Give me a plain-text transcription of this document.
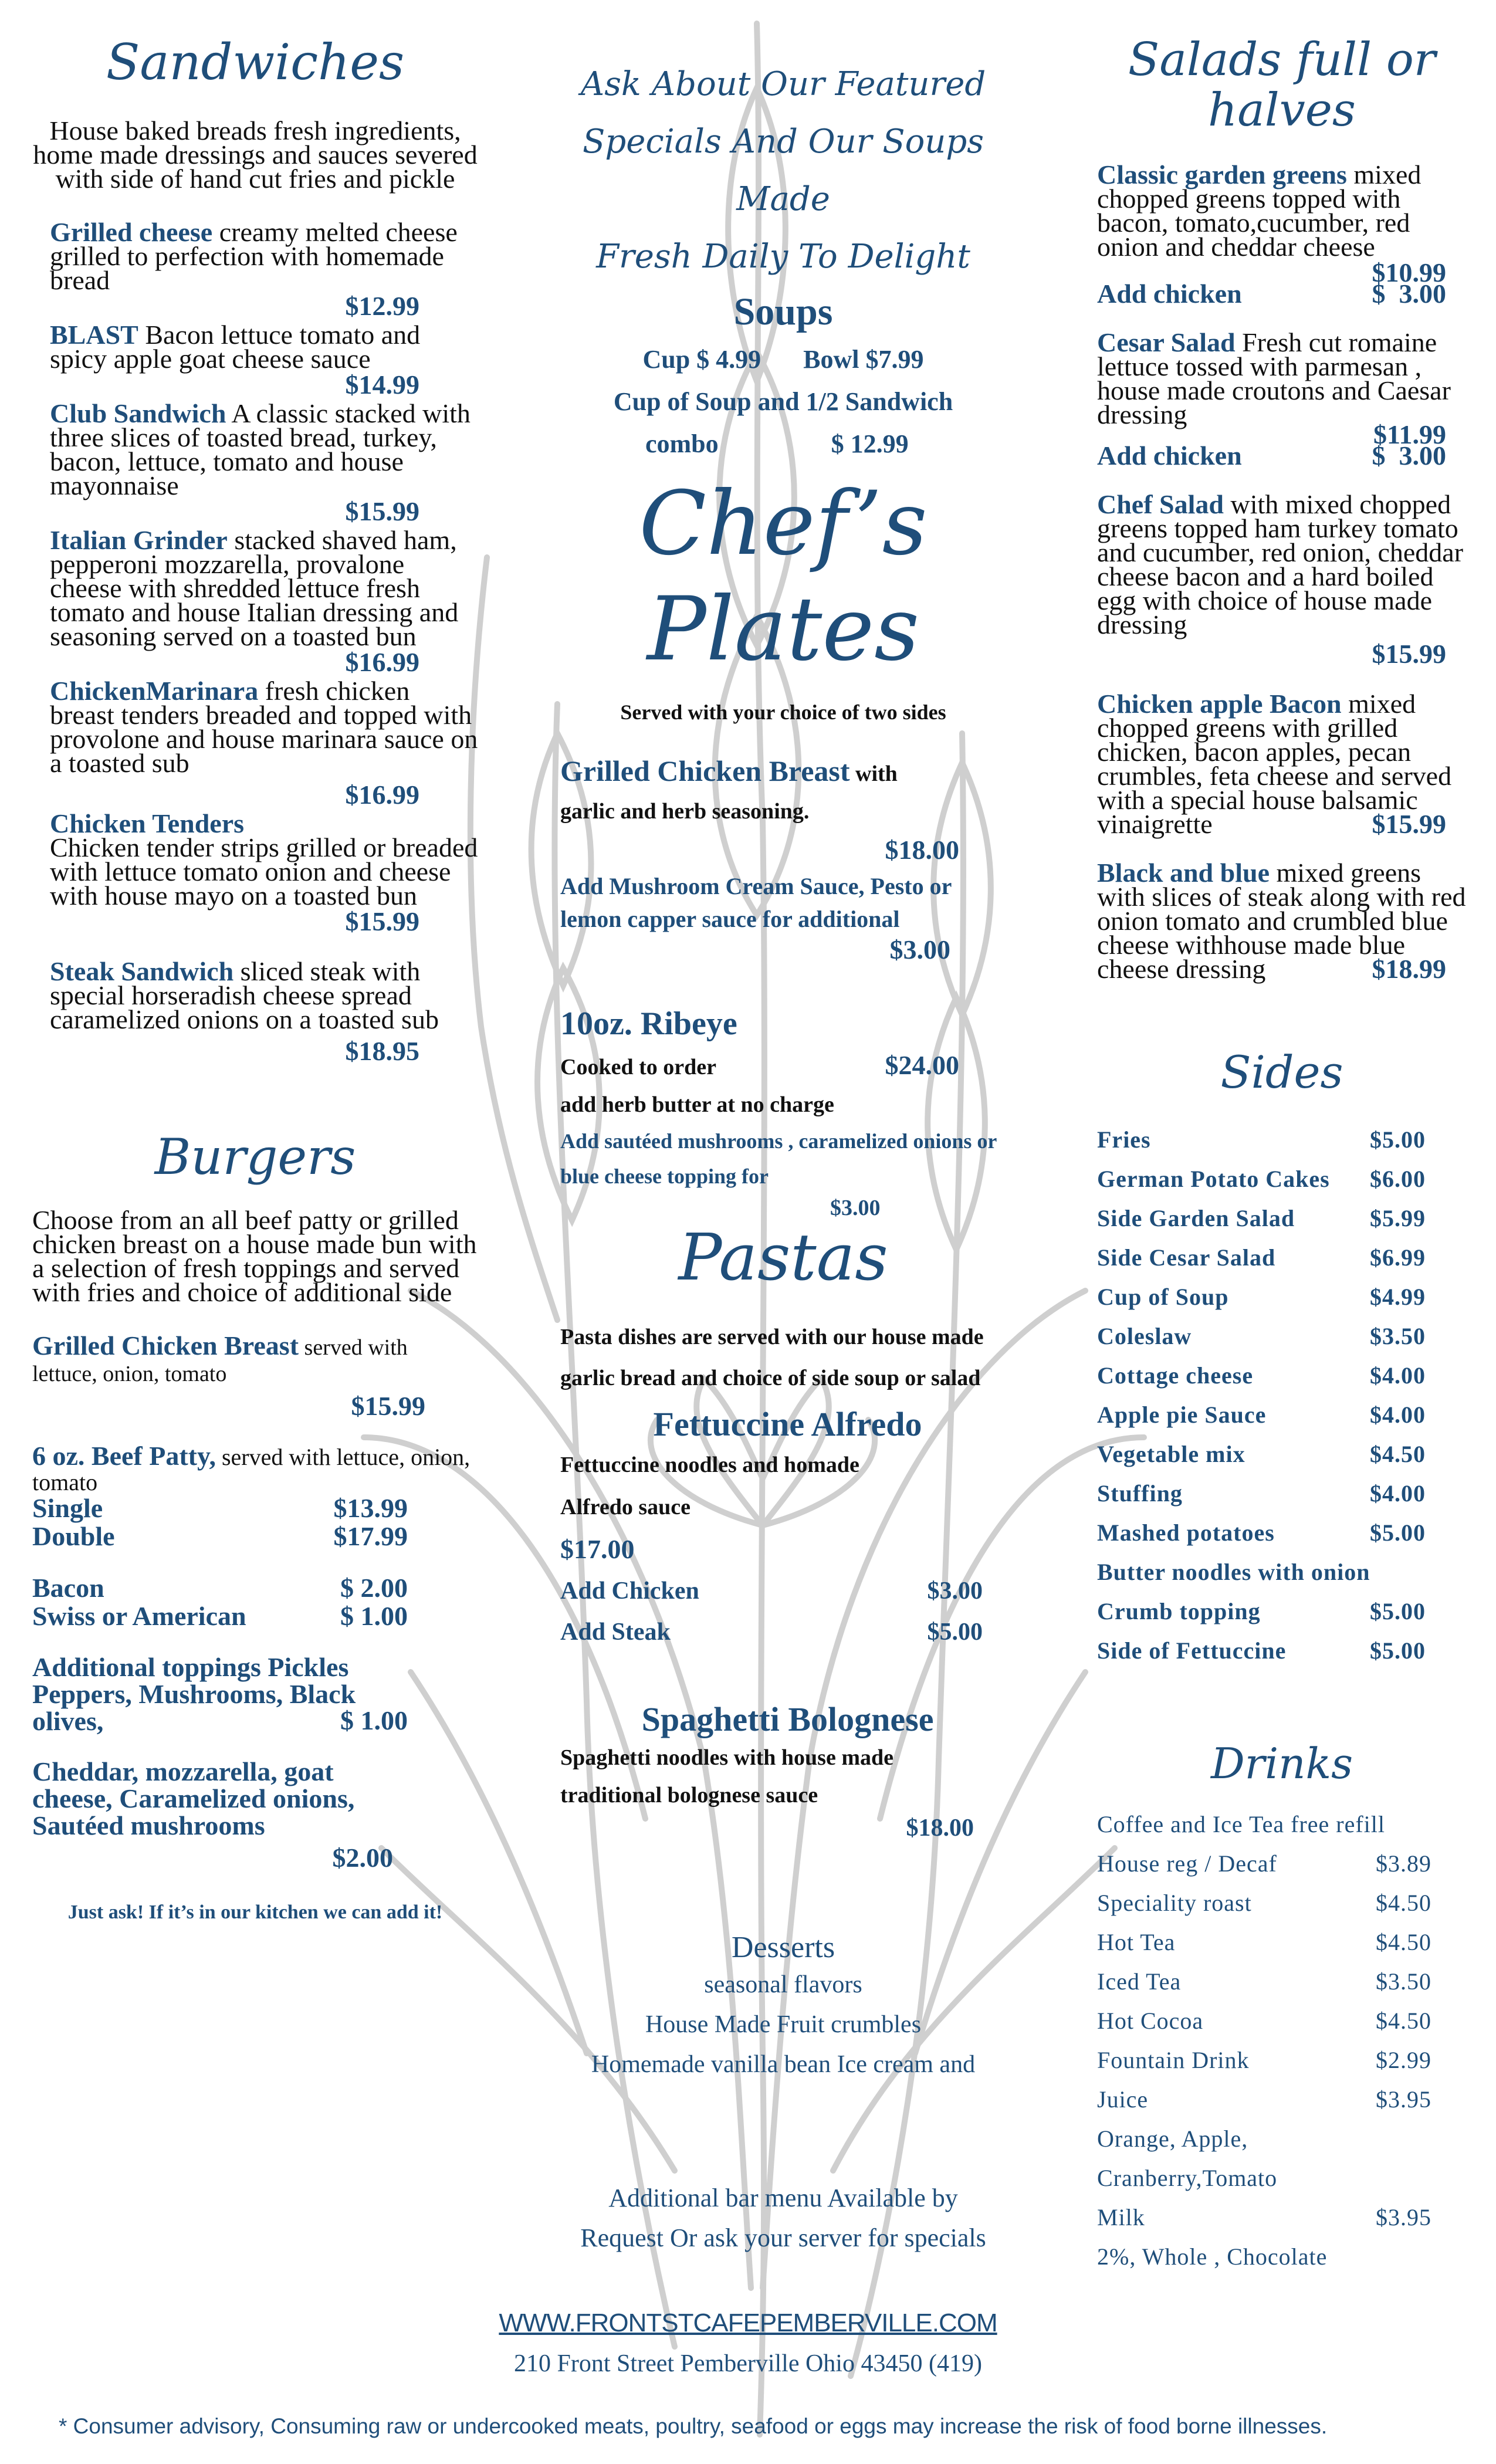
Sandwiches

House baked breads fresh ingredients, home made dressings and sauces severed with side of hand cut fries and pickle

Grilled cheese creamy melted cheese grilled to perfection with homemade bread

$12.99

BLAST Bacon lettuce tomato and spicy apple goat cheese sauce

$14.99

Club Sandwich A classic stacked with three slices of toasted bread, turkey, bacon, lettuce, tomato and house mayonnaise

$15.99

Italian Grinder stacked shaved ham, pepperoni mozzarella, provalone cheese with shredded lettuce fresh tomato and house Italian dressing and seasoning served on a toasted bun

$16.99

ChickenMarinara fresh chicken breast tenders breaded and topped with provolone and house marinara sauce on a toasted sub

$16.99

Chicken Tenders
Chicken tender strips grilled or breaded with lettuce tomato onion and cheese with house mayo on a toasted bun

$15.99

Steak Sandwich sliced steak with special horseradish cheese spread caramelized onions on a toasted sub

$18.95
Burgers

Choose from an all beef patty or grilled chicken breast on a house made bun with a selection of fresh toppings and served with fries and choice of additional side

Grilled Chicken Breast served with lettuce, onion, tomato

$15.99

6 oz. Beef Patty, served with lettuce, onion, tomato

Single	$13.99
Double	$17.99
Bacon	$ 2.00
Swiss or American	$ 1.00
Additional toppings Pickles Peppers, Mushrooms, Black olives,	$ 1.00
Cheddar, mozzarella, goat cheese, Caramelized onions, Sautéed mushrooms
$2.00

Just ask! If it’s in our kitchen we can add it!

Ask About Our Featured
Specials And Our Soups Made
Fresh Daily To Delight
Soups
Cup $ 4.99 Bowl $7.99
Cup of Soup and 1/2 Sandwich
combo	$ 12.99
Chef’s Plates
Served with your choice of two sides
Grilled Chicken Breast with
garlic and herb seasoning.
$18.00
Add Mushroom Cream Sauce, Pesto or lemon capper sauce for additional
$3.00
10oz. Ribeye
Cooked to order	$24.00
add herb butter at no charge
Add sautéed mushrooms , caramelized onions or blue cheese topping for
$3.00
Pastas
Pasta dishes are served with our house made garlic bread and choice of side soup or salad
Fettuccine Alfredo
Fettuccine noodles and homade
Alfredo sauce
$17.00
Add Chicken	$3.00
Add Steak	$5.00
Spaghetti Bolognese
Spaghetti noodles with house made
traditional bolognese sauce
$18.00
Desserts
seasonal flavors
House Made Fruit crumbles
Homemade vanilla bean Ice cream and
Additional bar menu Available by
Request Or ask your server for specials
Salads full or halves

Classic garden greens mixed chopped greens topped with bacon, tomato,cucumber, red onion and cheddar cheese

$10.99
Add chicken	$  3.00

Cesar Salad Fresh cut romaine lettuce tossed with parmesan , house made croutons and Caesar dressing

$11.99
Add chicken	$  3.00

Chef Salad with mixed chopped greens topped ham turkey tomato and cucumber, red onion, cheddar cheese bacon and a hard boiled egg with choice of house made dressing

$15.99

Chicken apple Bacon mixed chopped greens with grilled chicken, bacon apples, pecan crumbles, feta cheese and served with a special house balsamic vinaigrette	$15.99

Black and blue mixed greens with slices of steak along with red onion tomato and crumbled blue cheese withhouse made blue cheese dressing	$18.99
Sides
Fries	$5.00
German Potato Cakes $6.00
Side Garden Salad	$5.99
Side Cesar Salad	$6.99
Cup of Soup	$4.99
Coleslaw	$3.50
Cottage cheese	$4.00
Apple pie Sauce	$4.00
Vegetable mix	$4.50
Stuffing	$4.00
Mashed potatoes	$5.00
Butter noodles with onion
Crumb topping	$5.00
Side of Fettuccine	$5.00
Drinks
Coffee and Ice Tea free refill
House reg / Decaf	$3.89
Speciality roast	$4.50
Hot Tea	$4.50
Iced Tea	$3.50
Hot Cocoa	$4.50
Fountain Drink	$2.99
Juice	$3.95
Orange, Apple,
Cranberry,Tomato
Milk	$3.95
2%, Whole , Chocolate
WWW.FRONTSTCAFEPEMBERVILLE.COM
210 Front Street Pemberville Ohio 43450 (419)
* Consumer advisory, Consuming raw or undercooked meats, poultry, seafood or eggs may increase the risk of food borne illnesses.
